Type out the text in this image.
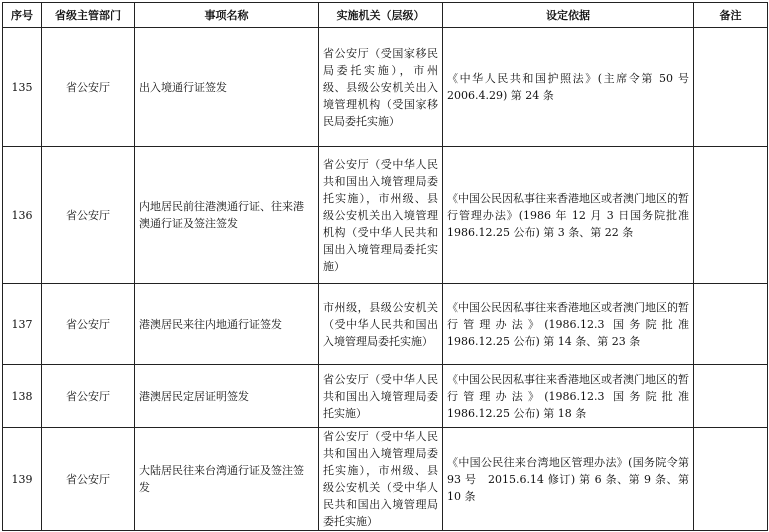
序号	省级主管部门	事项名称	实施机关（层级）	设定依据	备注
135	省公安厅	出入境通行证签发	省公安厅（受国家移民局委托实施），市州级、县级公安机关出入境管理机构（受国家移民局委托实施）	《中华人民共和国护照法》(主席令第 50 号 2006.4.29) 第 24 条	
136	省公安厅	内地居民前往港澳通行证、往来港澳通行证及签注签发	省公安厅（受中华人民共和国出入境管理局委托实施），市州级、县级公安机关出入境管理机构（受中华人民共和国出入境管理局委托实施）	《中国公民因私事往来香港地区或者澳门地区的暂行管理办法》(1986 年 12 月 3 日国务院批准　1986.12.25 公布) 第 3 条、第 22 条	
137	省公安厅	港澳居民来往内地通行证签发	市州级，县级公安机关（受中华人民共和国出入境管理局委托实施）	《中国公民因私事往来香港地区或者澳门地区的暂行管理办法》(1986.12.3 国务院批准 1986.12.25 公布) 第 14 条、第 23 条	
138	省公安厅	港澳居民定居证明签发	省公安厅（受中华人民共和国出入境管理局委托实施）	《中国公民因私事往来香港地区或者澳门地区的暂行管理办法》(1986.12.3 国务院批准 1986.12.25 公布) 第 18 条	
139	省公安厅	大陆居民往来台湾通行证及签注签发	省公安厅（受中华人民共和国出入境管理局委托实施），市州级、县级公安机关（受中华人民共和国出入境管理局委托实施）	《中国公民往来台湾地区管理办法》(国务院令第 93 号　2015.6.14 修订) 第 6 条、第 9 条、第 10 条	
